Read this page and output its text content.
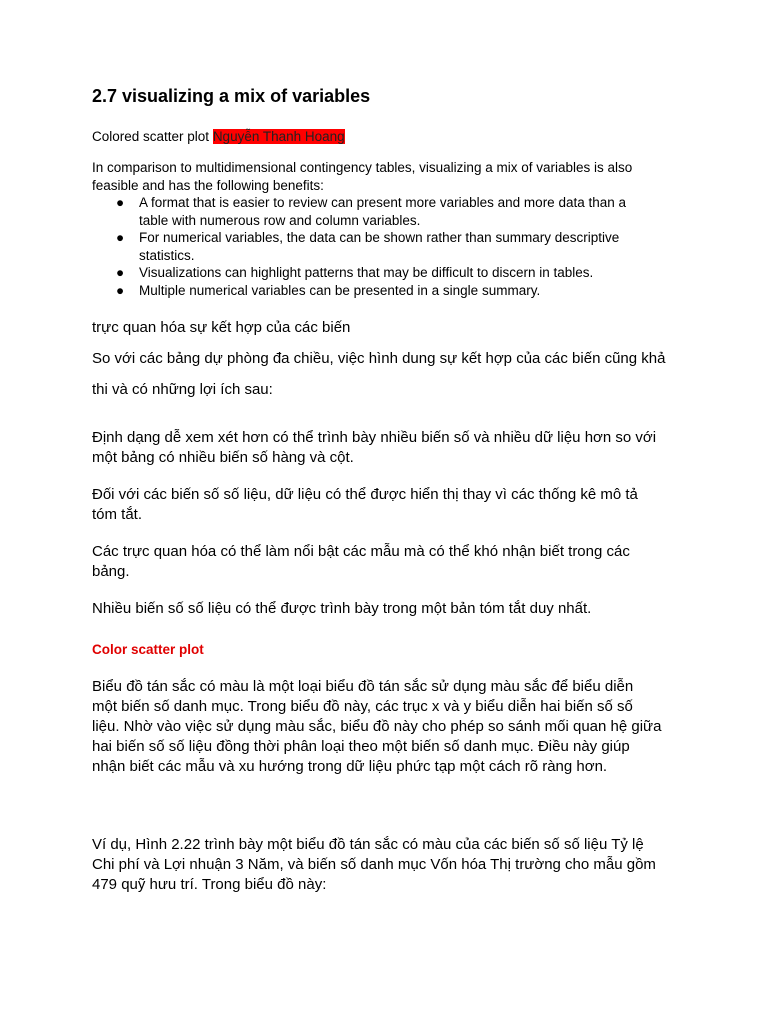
2.7 visualizing a mix of variables

Colored scatter plot Nguyễn Thanh Hoang

In comparison to multidimensional contingency tables, visualizing a mix of variables is also
feasible and has the following benefits:

● A format that is easier to review can present more variables and more data than a
table with numerous row and column variables.
● For numerical variables, the data can be shown rather than summary descriptive
statistics.
● Visualizations can highlight patterns that may be difficult to discern in tables.
● Multiple numerical variables can be presented in a single summary.

trực quan hóa sự kết hợp của các biến

So với các bảng dự phòng đa chiều, việc hình dung sự kết hợp của các biến cũng khả

thi và có những lợi ích sau:

Định dạng dễ xem xét hơn có thể trình bày nhiều biến số và nhiều dữ liệu hơn so với
một bảng có nhiều biến số hàng và cột.

Đối với các biến số số liệu, dữ liệu có thể được hiển thị thay vì các thống kê mô tả
tóm tắt.

Các trực quan hóa có thể làm nổi bật các mẫu mà có thể khó nhận biết trong các
bảng.

Nhiều biến số số liệu có thể được trình bày trong một bản tóm tắt duy nhất.

Color scatter plot

Biểu đồ tán sắc có màu là một loại biểu đồ tán sắc sử dụng màu sắc để biểu diễn
một biến số danh mục. Trong biểu đồ này, các trục x và y biểu diễn hai biến số số
liệu. Nhờ vào việc sử dụng màu sắc, biểu đồ này cho phép so sánh mối quan hệ giữa
hai biến số số liệu đồng thời phân loại theo một biến số danh mục. Điều này giúp
nhận biết các mẫu và xu hướng trong dữ liệu phức tạp một cách rõ ràng hơn.

Ví dụ, Hình 2.22 trình bày một biểu đồ tán sắc có màu của các biến số số liệu Tỷ lệ
Chi phí và Lợi nhuận 3 Năm, và biến số danh mục Vốn hóa Thị trường cho mẫu gồm
479 quỹ hưu trí. Trong biểu đồ này:
